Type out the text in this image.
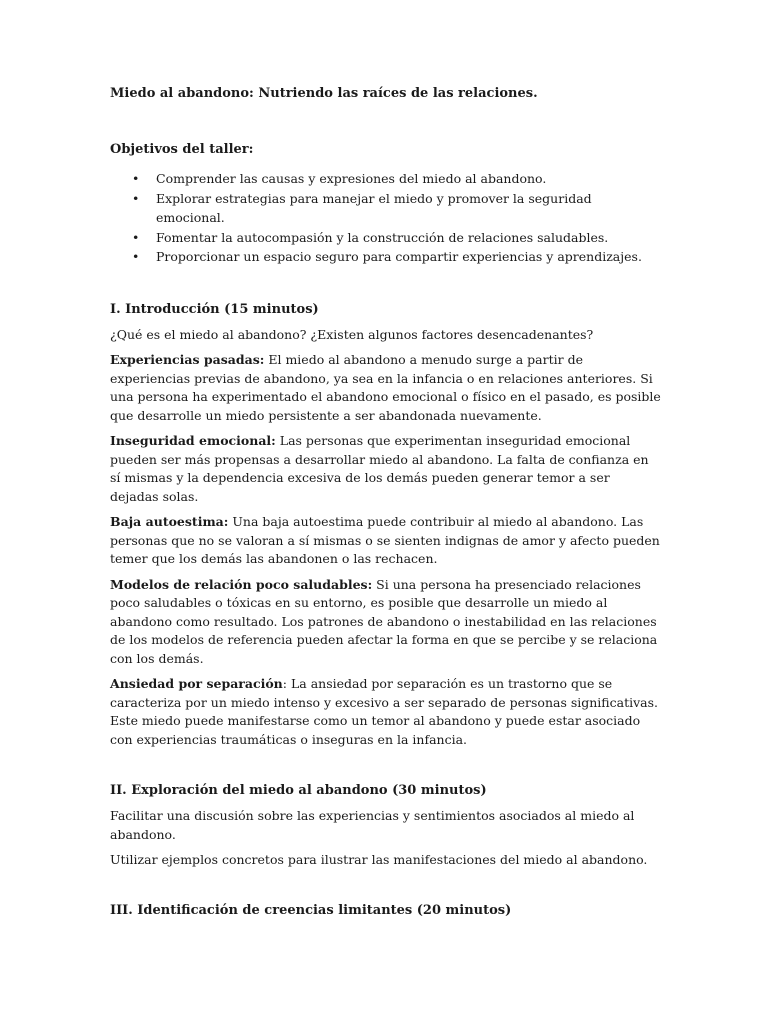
Miedo al abandono: Nutriendo las raíces de las relaciones.

Objetivos del taller:

• Comprender las causas y expresiones del miedo al abandono.
• Explorar estrategias para manejar el miedo y promover la seguridad emocional.
• Fomentar la autocompasión y la construcción de relaciones saludables.
• Proporcionar un espacio seguro para compartir experiencias y aprendizajes.

I. Introducción (15 minutos)

¿Qué es el miedo al abandono? ¿Existen algunos factores desencadenantes?

Experiencias pasadas: El miedo al abandono a menudo surge a partir de experiencias previas de abandono, ya sea en la infancia o en relaciones anteriores. Si una persona ha experimentado el abandono emocional o físico en el pasado, es posible que desarrolle un miedo persistente a ser abandonada nuevamente.

Inseguridad emocional: Las personas que experimentan inseguridad emocional pueden ser más propensas a desarrollar miedo al abandono. La falta de confianza en sí mismas y la dependencia excesiva de los demás pueden generar temor a ser dejadas solas.

Baja autoestima: Una baja autoestima puede contribuir al miedo al abandono. Las personas que no se valoran a sí mismas o se sienten indignas de amor y afecto pueden temer que los demás las abandonen o las rechacen.

Modelos de relación poco saludables: Si una persona ha presenciado relaciones poco saludables o tóxicas en su entorno, es posible que desarrolle un miedo al abandono como resultado. Los patrones de abandono o inestabilidad en las relaciones de los modelos de referencia pueden afectar la forma en que se percibe y se relaciona con los demás.

Ansiedad por separación: La ansiedad por separación es un trastorno que se caracteriza por un miedo intenso y excesivo a ser separado de personas significativas. Este miedo puede manifestarse como un temor al abandono y puede estar asociado con experiencias traumáticas o inseguras en la infancia.

II. Exploración del miedo al abandono (30 minutos)

Facilitar una discusión sobre las experiencias y sentimientos asociados al miedo al abandono.

Utilizar ejemplos concretos para ilustrar las manifestaciones del miedo al abandono.

III. Identificación de creencias limitantes (20 minutos)
